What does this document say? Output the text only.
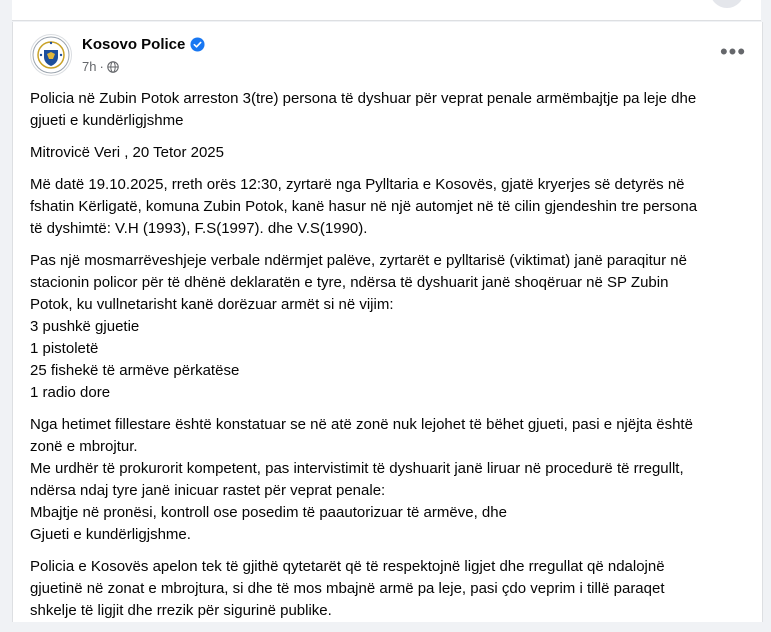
Kosovo Police
7h ·
•••
Policia në Zubin Potok arreston 3(tre) persona të dyshuar për veprat penale armëmbajtje pa leje dhe
gjueti e kundërligjshme
Mitrovicë Veri , 20 Tetor 2025
Më datë 19.10.2025, rreth orës 12:30, zyrtarë nga Pylltaria e Kosovës, gjatë kryerjes së detyrës në
fshatin Kërligatë, komuna Zubin Potok, kanë hasur në një automjet në të cilin gjendeshin tre persona
të dyshimtë: V.H (1993), F.S(1997). dhe V.S(1990).
Pas një mosmarrëveshjeje verbale ndërmjet palëve, zyrtarët e pylltarisë (viktimat) janë paraqitur në
stacionin policor për të dhënë deklaratën e tyre, ndërsa të dyshuarit janë shoqëruar në SP Zubin
Potok, ku vullnetarisht kanë dorëzuar armët si në vijim:
3 pushkë gjuetie
1 pistoletë
25 fishekë të armëve përkatëse
1 radio dore
Nga hetimet fillestare është konstatuar se në atë zonë nuk lejohet të bëhet gjueti, pasi e njëjta është
zonë e mbrojtur.
Me urdhër të prokurorit kompetent, pas intervistimit të dyshuarit janë liruar në procedurë të rregullt,
ndërsa ndaj tyre janë inicuar rastet për veprat penale:
Mbajtje në pronësi, kontroll ose posedim të paautorizuar të armëve, dhe
Gjueti e kundërligjshme.
Policia e Kosovës apelon tek të gjithë qytetarët që të respektojnë ligjet dhe rregullat që ndalojnë
gjuetinë në zonat e mbrojtura, si dhe të mos mbajnë armë pa leje, pasi çdo veprim i tillë paraqet
shkelje të ligjit dhe rrezik për sigurinë publike.
